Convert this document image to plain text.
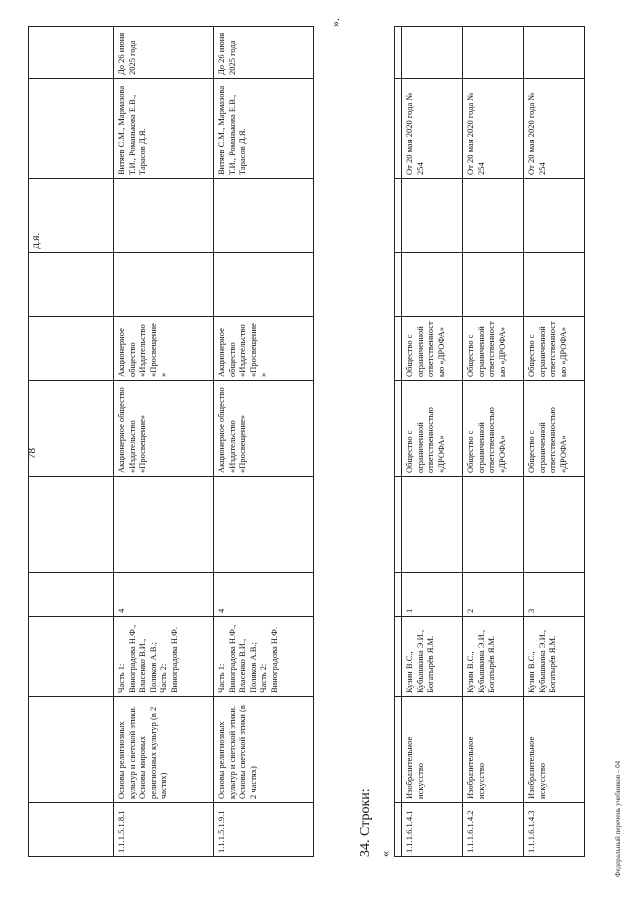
78
								Д.Я.		
1.1.1.5.1.8.1	Основы религиозных культур и светской этики. Основы мировых религиозных культур (в 2 частях)	Часть 1: Виноградова Н.Ф., Власенко В.И., Поляков А.В.; Часть 2: Виноградова Н.Ф.	4		Акционерное общество «Издательство «Просвещение»	Акционерное общество «Издательство «Просвещение»			Витяев С.М., Мармазова Т.И., Романькова Е.В., Тарасов Д.Я.	До 26 июня 2025 года
1.1.1.5.1.9.1	Основы религиозных культур и светской этики. Основы светской этики (в 2 частях)	Часть 1: Виноградова Н.Ф., Власенко В.И., Поляков А.В.; Часть 2: Виноградова Н.Ф.	4		Акционерное общество «Издательство «Просвещение»	Акционерное общество «Издательство «Просвещение»			Витяев С.М., Мармазова Т.И., Романькова Е.В., Тарасов Д.Я.	До 26 июня 2025 года
».
34. Строки: «

1.1.1.6.1.4.1	Изобразительное искусство	Кузин В.С., Кубышкина Э.И., Богатырёв Я.М.	1		Общество с ограниченной ответственностью «ДРОФА»	Общество с ограниченной ответственностью «ДРОФА»			От 20 мая 2020 года № 254	
1.1.1.6.1.4.2	Изобразительное искусство	Кузин В.С., Кубышкина Э.И., Богатырёв Я.М.	2		Общество с ограниченной ответственностью «ДРОФА»	Общество с ограниченной ответственностью «ДРОФА»			От 20 мая 2020 года № 254	
1.1.1.6.1.4.3	Изобразительное искусство	Кузин В.С., Кубышкина Э.И., Богатырёв Я.М.	3		Общество с ограниченной ответственностью «ДРОФА»	Общество с ограниченной ответственностью «ДРОФА»			От 20 мая 2020 года № 254	
Федеральный перечень учебников – 04
